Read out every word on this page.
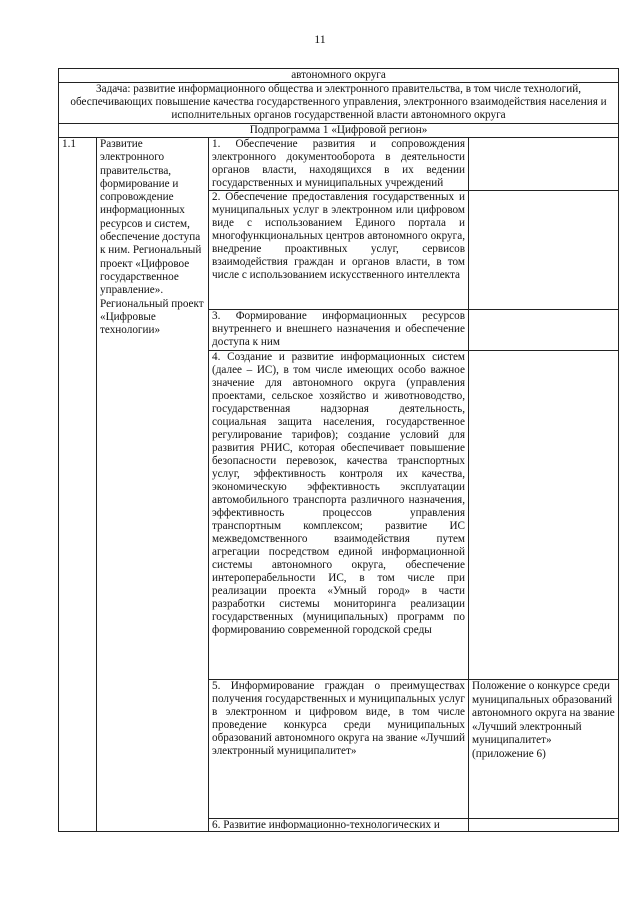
11
автономного округа			
Задача: развитие информационного общества и электронного правительства, в том числе технологий, обеспечивающих повышение качества государственного управления, электронного взаимодействия населения и исполнительных органов государственной власти автономного округа			
Подпрограмма 1 «Цифровой регион»			
1.1	Развитие электронного правительства, формирование и сопровождение информационных ресурсов и систем, обеспечение доступа к ним. Региональный проект «Цифровое государственное управление». Региональный проект «Цифровые технологии»	1. Обеспечение развития и сопровождения электронного документооборота в деятельности органов власти, находящихся в их ведении государственных и муниципальных учреждений	
		2. Обеспечение предоставления государственных и муниципальных услуг в электронном или цифровом виде с использованием Единого портала и многофункциональных центров автономного округа, внедрение проактивных услуг, сервисов взаимодействия граждан и органов власти, в том числе с использованием искусственного интеллекта	
		3. Формирование информационных ресурсов внутреннего и внешнего назначения и обеспечение доступа к ним	
		4. Создание и развитие информационных систем (далее – ИС), в том числе имеющих особо важное значение для автономного округа (управления проектами, сельское хозяйство и животноводство, государственная надзорная деятельность, социальная защита населения, государственное регулирование тарифов); создание условий для развития РНИС, которая обеспечивает повышение безопасности перевозок, качества транспортных услуг, эффективность контроля их качества, экономическую эффективность эксплуатации автомобильного транспорта различного назначения, эффективность процессов управления транспортным комплексом; развитие ИС межведомственного взаимодействия путем агрегации посредством единой информационной системы автономного округа, обеспечение интероперабельности ИС, в том числе при реализации проекта «Умный город» в части разработки системы мониторинга реализации государственных (муниципальных) программ по формированию современной городской среды	
		5. Информирование граждан о преимуществах получения государственных и муниципальных услуг в электронном и цифровом виде, в том числе проведение конкурса среди муниципальных образований автономного округа на звание «Лучший электронный муниципалитет»	Положение о конкурсе среди муниципальных образований автономного округа на звание «Лучший электронный муниципалитет» (приложение 6)

		6. Развитие информационно-технологических и	
